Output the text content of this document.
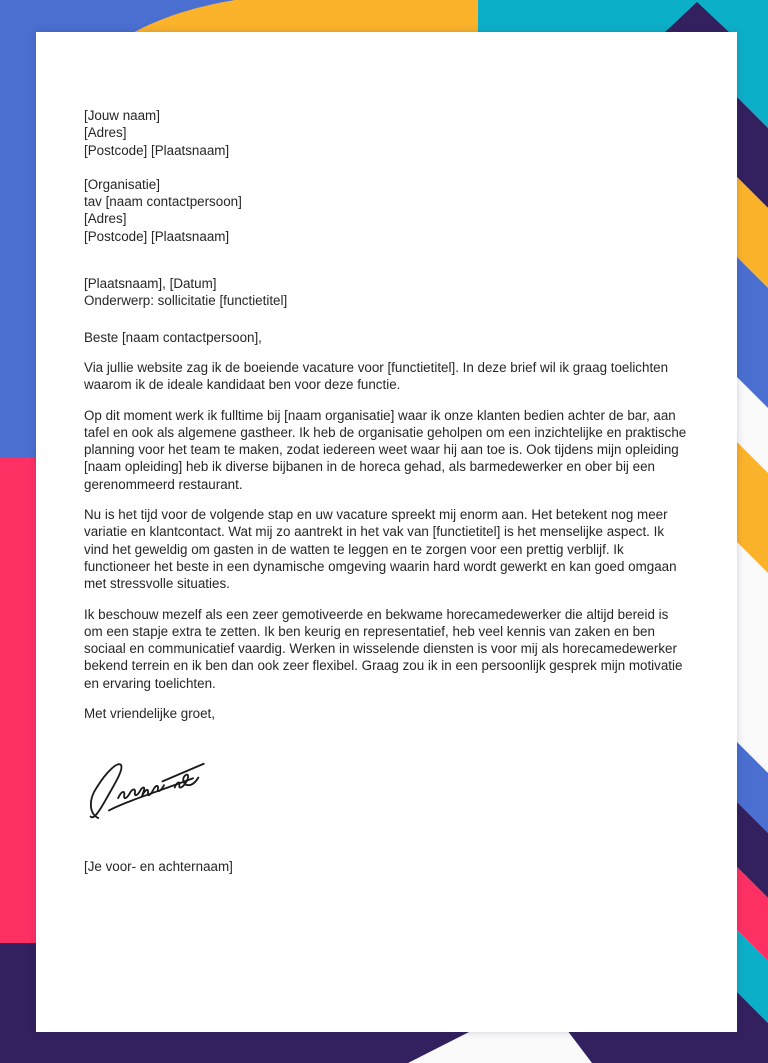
[Jouw naam]
[Adres]
[Postcode] [Plaatsnaam]
[Organisatie]
tav [naam contactpersoon]
[Adres]
[Postcode] [Plaatsnaam]
[Plaatsnaam], [Datum]
Onderwerp: sollicitatie [functietitel]
Beste [naam contactpersoon],

Via jullie website zag ik de boeiende vacature voor [functietitel]. In deze brief wil ik graag toelichten waarom ik de ideale kandidaat ben voor deze functie.

Op dit moment werk ik fulltime bij [naam organisatie] waar ik onze klanten bedien achter de bar, aan tafel en ook als algemene gastheer. Ik heb de organisatie geholpen om een inzichtelijke en praktische planning voor het team te maken, zodat iedereen weet waar hij aan toe is. Ook tijdens mijn opleiding [naam opleiding] heb ik diverse bijbanen in de horeca gehad, als barmedewerker en ober bij een gerenommeerd restaurant.

Nu is het tijd voor de volgende stap en uw vacature spreekt mij enorm aan. Het betekent nog meer variatie en klantcontact. Wat mij zo aantrekt in het vak van [functietitel] is het menselijke aspect. Ik vind het geweldig om gasten in de watten te leggen en te zorgen voor een prettig verblijf. Ik functioneer het beste in een dynamische omgeving waarin hard wordt gewerkt en kan goed omgaan met stressvolle situaties.

Ik beschouw mezelf als een zeer gemotiveerde en bekwame horecamedewerker die altijd bereid is om een stapje extra te zetten. Ik ben keurig en representatief, heb veel kennis van zaken en ben sociaal en communicatief vaardig. Werken in wisselende diensten is voor mij als horecamedewerker bekend terrein en ik ben dan ook zeer flexibel. Graag zou ik in een persoonlijk gesprek mijn motivatie en ervaring toelichten.

Met vriendelijke groet,
[Je voor- en achternaam]
